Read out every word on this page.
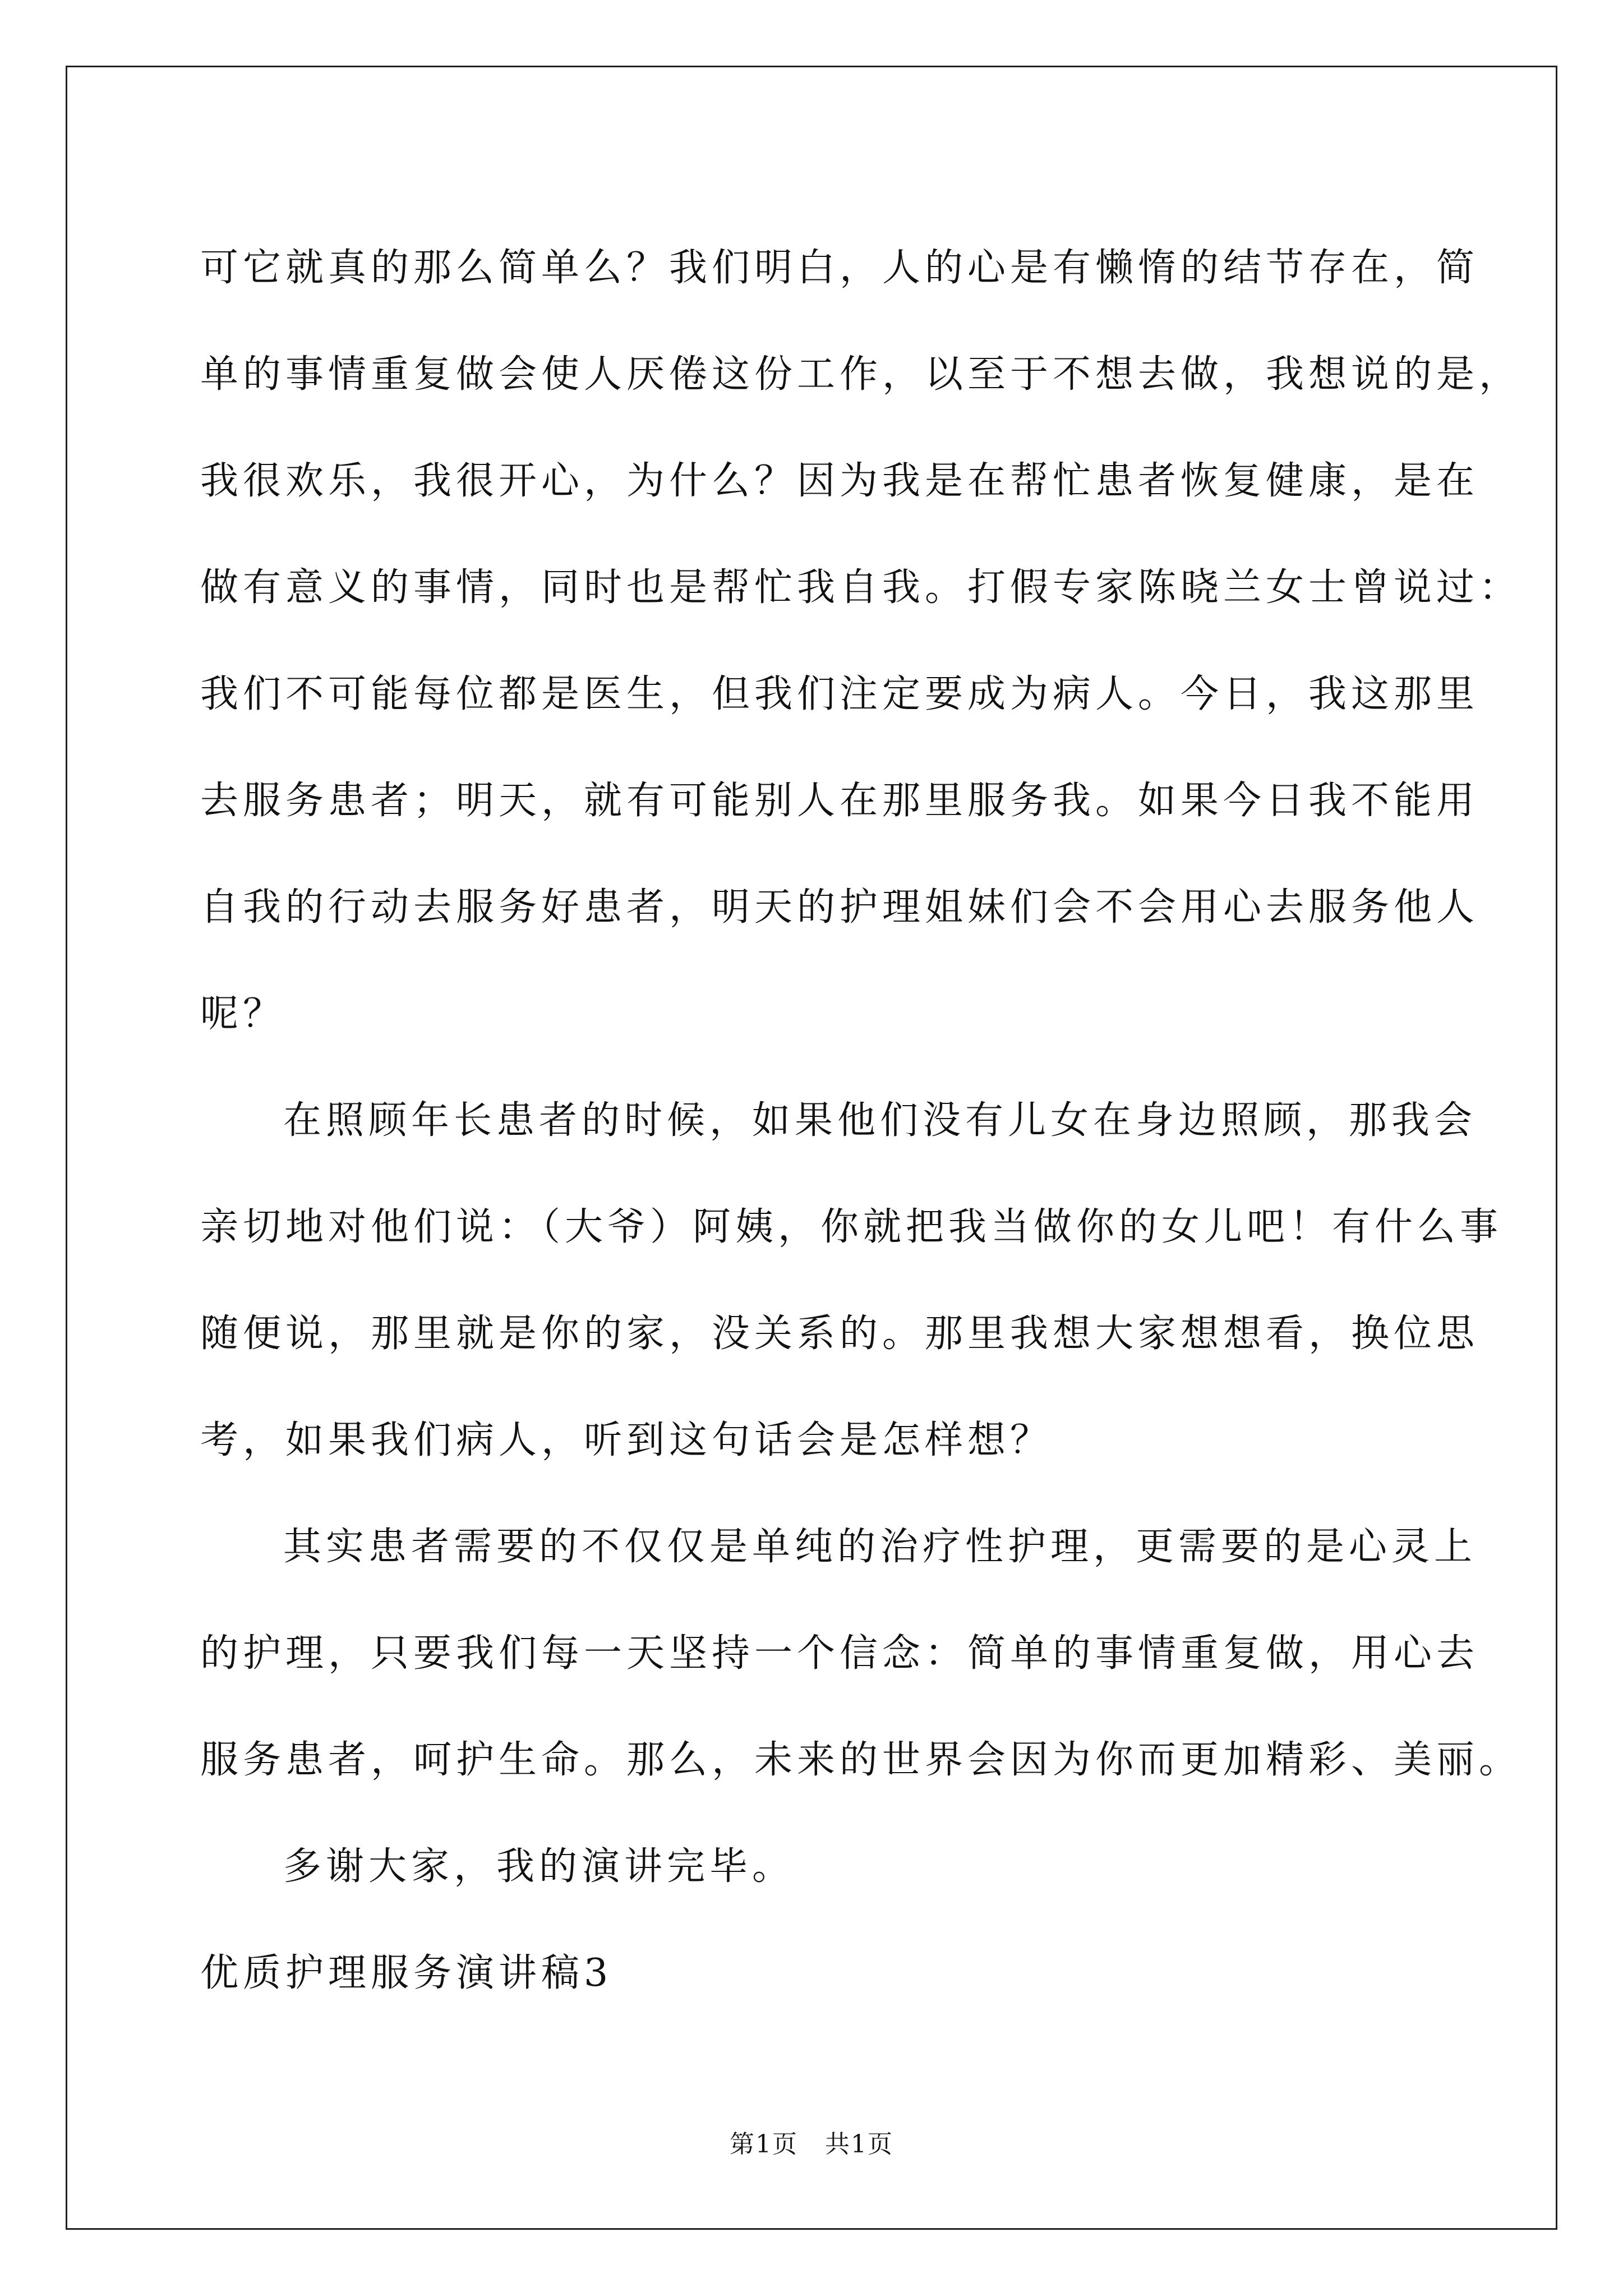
可它就真的那么简单么？我们明白，人的心是有懒惰的结节存在，简
单的事情重复做会使人厌倦这份工作，以至于不想去做，我想说的是，
我很欢乐，我很开心，为什么？因为我是在帮忙患者恢复健康，是在
做有意义的事情，同时也是帮忙我自我。打假专家陈晓兰女士曾说过：
我们不可能每位都是医生，但我们注定要成为病人。今日，我这那里
去服务患者；明天，就有可能别人在那里服务我。如果今日我不能用
自我的行动去服务好患者，明天的护理姐妹们会不会用心去服务他人
呢？

在照顾年长患者的时候，如果他们没有儿女在身边照顾，那我会
亲切地对他们说：（大爷）阿姨，你就把我当做你的女儿吧！有什么事
随便说，那里就是你的家，没关系的。那里我想大家想想看，换位思
考，如果我们病人，听到这句话会是怎样想？

其实患者需要的不仅仅是单纯的治疗性护理，更需要的是心灵上
的护理，只要我们每一天坚持一个信念：简单的事情重复做，用心去
服务患者，呵护生命。那么，未来的世界会因为你而更加精彩、美丽。

多谢大家，我的演讲完毕。

优质护理服务演讲稿3

第1页   共1页
